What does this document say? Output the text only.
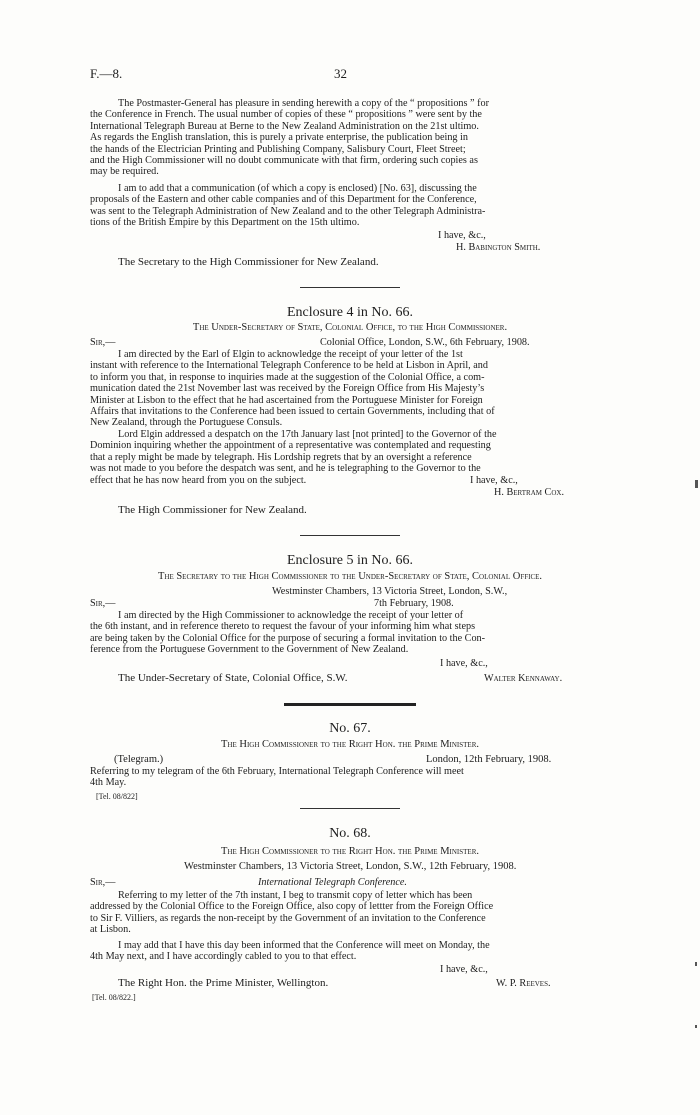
F.—8.	32
The Postmaster-General has pleasure in sending herewith a copy of the “ propositions ” for
the Conference in French. The usual number of copies of these “ propositions ” were sent by the
International Telegraph Bureau at Berne to the New Zealand Administration on the 21st ultimo.
As regards the English translation, this is purely a private enterprise, the publication being in
the hands of the Electrician Printing and Publishing Company, Salisbury Court, Fleet Street;
and the High Commissioner will no doubt communicate with that firm, ordering such copies as
may be required.
I am to add that a communication (of which a copy is enclosed) [No. 63], discussing the
proposals of the Eastern and other cable companies and of this Department for the Conference,
was sent to the Telegraph Administration of New Zealand and to the other Telegraph Administra-
tions of the British Empire by this Department on the 15th ultimo.
I have, &c.,
H. Babington Smith.
The Secretary to the High Commissioner for New Zealand.
Enclosure 4 in No. 66.
The Under-Secretary of State, Colonial Office, to the High Commissioner.
Sir,—	Colonial Office, London, S.W., 6th February, 1908.
I am directed by the Earl of Elgin to acknowledge the receipt of your letter of the 1st
instant with reference to the International Telegraph Conference to be held at Lisbon in April, and
to inform you that, in response to inquiries made at the suggestion of the Colonial Office, a com-
munication dated the 21st November last was received by the Foreign Office from His Majesty’s
Minister at Lisbon to the effect that he had ascertained from the Portuguese Minister for Foreign
Affairs that invitations to the Conference had been issued to certain Governments, including that of
New Zealand, through the Portuguese Consuls.
Lord Elgin addressed a despatch on the 17th January last [not printed] to the Governor of the
Dominion inquiring whether the appointment of a representative was contemplated and requesting
that a reply might be made by telegraph. His Lordship regrets that by an oversight a reference
was not made to you before the despatch was sent, and he is telegraphing to the Governor to the
effect that he has now heard from you on the subject.	I have, &c.,
H. Bertram Cox.
The High Commissioner for New Zealand.
Enclosure 5 in No. 66.
The Secretary to the High Commissioner to the Under-Secretary of State, Colonial Office.
Westminster Chambers, 13 Victoria Street, London, S.W.,
Sir,—	7th February, 1908.
I am directed by the High Commissioner to acknowledge the receipt of your letter of
the 6th instant, and in reference thereto to request the favour of your informing him what steps
are being taken by the Colonial Office for the purpose of securing a formal invitation to the Con-
ference from the Portuguese Government to the Government of New Zealand.
I have, &c.,
The Under-Secretary of State, Colonial Office, S.W.	Walter Kennaway.
No. 67.
The High Commissioner to the Right Hon. the Prime Minister.
(Telegram.)	London, 12th February, 1908.
Referring to my telegram of the 6th February, International Telegraph Conference will meet
4th May.
[Tel. 08/822]
No. 68.
The High Commissioner to the Right Hon. the Prime Minister.
Westminster Chambers, 13 Victoria Street, London, S.W., 12th February, 1908.
Sir,—	International Telegraph Conference.
Referring to my letter of the 7th instant, I beg to transmit copy of letter which has been
addressed by the Colonial Office to the Foreign Office, also copy of lettter from the Foreign Office
to Sir F. Villiers, as regards the non-receipt by the Government of an invitation to the Conference
at Lisbon.
I may add that I have this day been informed that the Conference will meet on Monday, the
4th May next, and I have accordingly cabled to you to that effect.
I have, &c.,
The Right Hon. the Prime Minister, Wellington.	W. P. Reeves.
[Tel. 08/822.]
